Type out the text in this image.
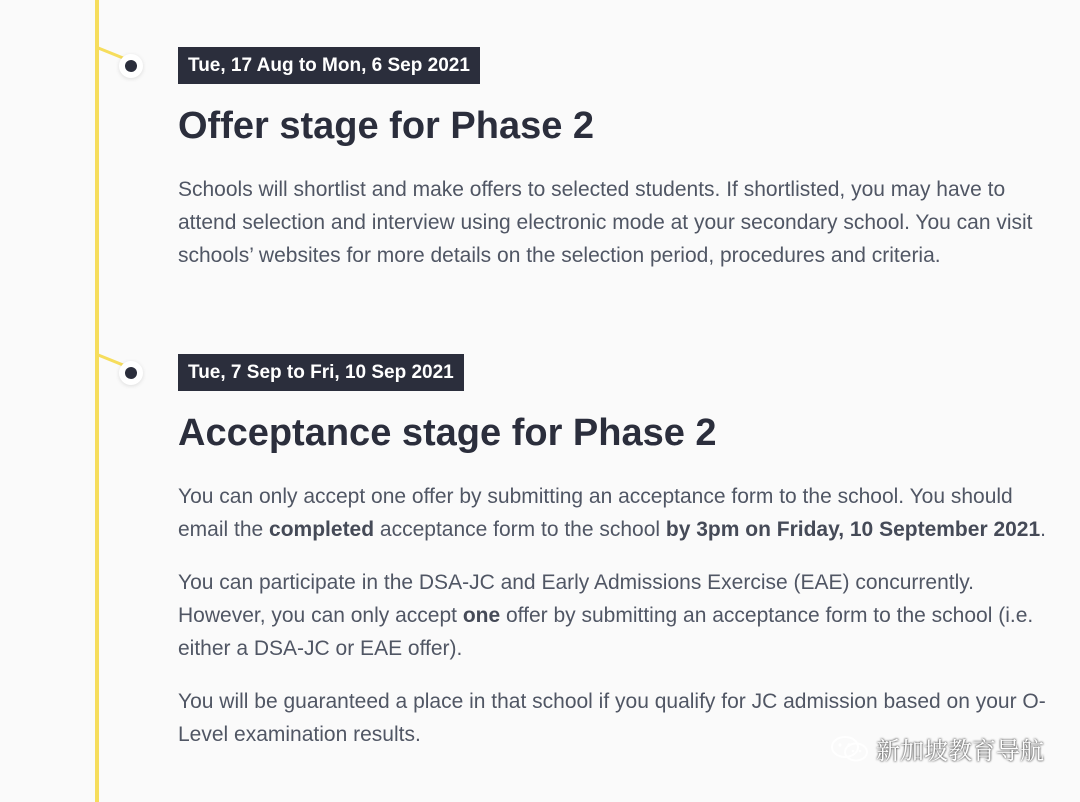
Tue, 17 Aug to Mon, 6 Sep 2021
Offer stage for Phase 2

Schools will shortlist and make offers to selected students. If shortlisted, you may have to attend selection and interview using electronic mode at your secondary school. You can visit schools’ websites for more details on the selection period, procedures and criteria.

Tue, 7 Sep to Fri, 10 Sep 2021
Acceptance stage for Phase 2

You can only accept one offer by submitting an acceptance form to the school. You should email the completed acceptance form to the school by 3pm on Friday, 10 September 2021.

You can participate in the DSA-JC and Early Admissions Exercise (EAE) concurrently. However, you can only accept one offer by submitting an acceptance form to the school (i.e. either a DSA-JC or EAE offer).

You will be guaranteed a place in that school if you qualify for JC admission based on your O-Level examination results.

新加坡教育导航
